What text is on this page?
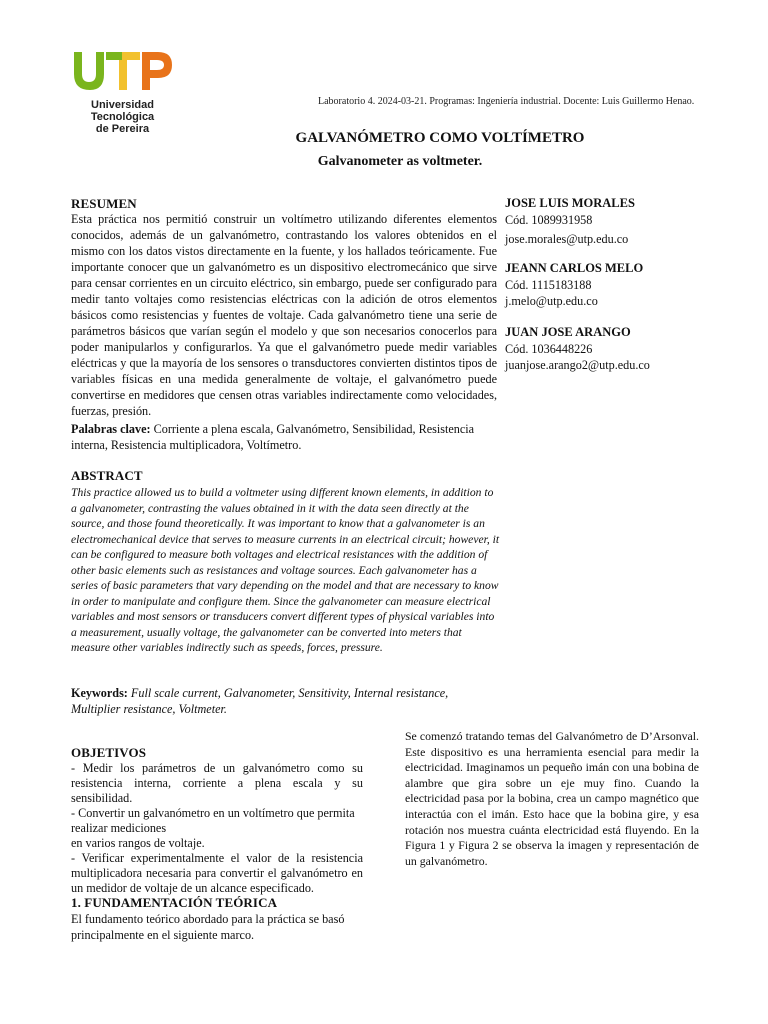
Universidad Tecnológica
de Pereira
Laboratorio 4. 2024-03-21. Programas: Ingeniería industrial. Docente: Luis Guillermo Henao.
GALVANÓMETRO COMO VOLTÍMETRO
Galvanometer as voltmeter.
RESUMEN
Esta práctica nos permitió construir un voltímetro utilizando diferentes elementos conocidos, además de un galvanómetro, contrastando los valores obtenidos en el mismo con los datos vistos directamente en la fuente, y los hallados teóricamente. Fue importante conocer que un galvanómetro es un dispositivo electromecánico que sirve para censar corrientes en un circuito eléctrico, sin embargo, puede ser configurado para medir tanto voltajes como resistencias eléctricas con la adición de otros elementos básicos como resistencias y fuentes de voltaje. Cada galvanómetro tiene una serie de parámetros básicos que varían según el modelo y que son necesarios conocerlos para poder manipularlos y configurarlos. Ya que el galvanómetro puede medir variables eléctricas y que la mayoría de los sensores o transductores convierten distintos tipos de variables físicas en una medida generalmente de voltaje, el galvanómetro puede convertirse en medidores que censen otras variables indirectamente como velocidades, fuerzas, presión.
Palabras clave: Corriente a plena escala, Galvanómetro, Sensibilidad, Resistencia interna, Resistencia multiplicadora, Voltímetro.
ABSTRACT
This practice allowed us to build a voltmeter using different known elements, in addition to a galvanometer, contrasting the values obtained in it with the data seen directly at the source, and those found theoretically. It was important to know that a galvanometer is an electromechanical device that serves to measure currents in an electrical circuit; however, it can be configured to measure both voltages and electrical resistances with the addition of other basic elements such as resistances and voltage sources. Each galvanometer has a series of basic parameters that vary depending on the model and that are necessary to know in order to manipulate and configure them. Since the galvanometer can measure electrical variables and most sensors or transducers convert different types of physical variables into a measurement, usually voltage, the galvanometer can be converted into meters that measure other variables indirectly such as speeds, forces, pressure.
Keywords: Full scale current, Galvanometer, Sensitivity, Internal resistance, Multiplier resistance, Voltmeter.
JOSE LUIS MORALES
Cód. 1089931958
jose.morales@utp.edu.co
JEANN CARLOS MELO
Cód. 1115183188
j.melo@utp.edu.co
JUAN JOSE ARANGO
Cód. 1036448226
juanjose.arango2@utp.edu.co
OBJETIVOS
- Medir los parámetros de un galvanómetro como su resistencia interna, corriente a plena escala y su sensibilidad.
- Convertir un galvanómetro en un voltímetro que permita realizar mediciones
en varios rangos de voltaje.
- Verificar experimentalmente el valor de la resistencia multiplicadora necesaria para convertir el galvanómetro en un medidor de voltaje de un alcance especificado.
1. FUNDAMENTACIÓN TEÓRICA
El fundamento teórico abordado para la práctica se basó principalmente en el siguiente marco.
Se comenzó tratando temas del Galvanómetro de D’Arsonval. Este dispositivo es una herramienta esencial para medir la electricidad. Imaginamos un pequeño imán con una bobina de alambre que gira sobre un eje muy fino. Cuando la electricidad pasa por la bobina, crea un campo magnético que interactúa con el imán. Esto hace que la bobina gire, y esa rotación nos muestra cuánta electricidad está fluyendo. En la Figura 1 y Figura 2 se observa la imagen y representación de un galvanómetro.
